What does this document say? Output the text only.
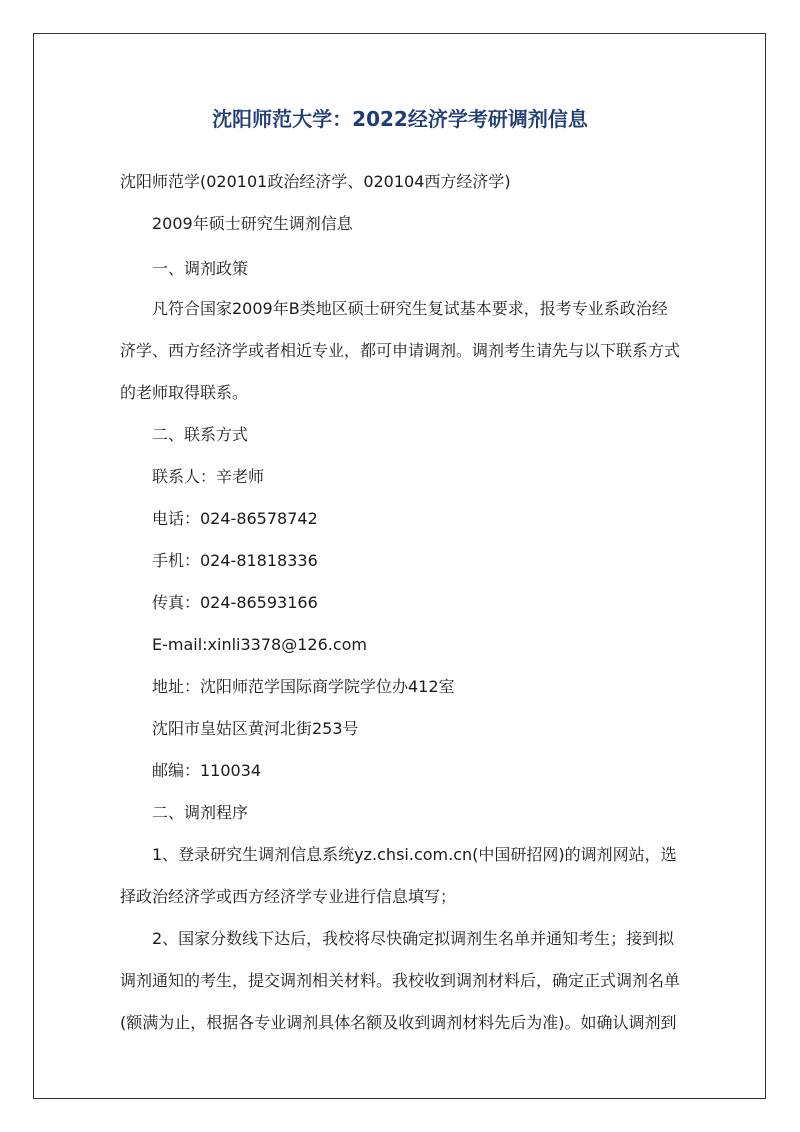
沈阳师范大学：2022经济学考研调剂信息
沈阳师范学(020101政治经济学、020104西方经济学)
2009年硕士研究生调剂信息
一、调剂政策
凡符合国家2009年B类地区硕士研究生复试基本要求，报考专业系政治经
济学、西方经济学或者相近专业，都可申请调剂。调剂考生请先与以下联系方式
的老师取得联系。
二、联系方式
联系人：辛老师
电话：024-86578742
手机：024-81818336
传真：024-86593166
E-mail:xinli3378@126.com
地址：沈阳师范学国际商学院学位办412室
沈阳市皇姑区黄河北街253号
邮编：110034
二、调剂程序
1、登录研究生调剂信息系统yz.chsi.com.cn(中国研招网)的调剂网站，选
择政治经济学或西方经济学专业进行信息填写；
2、国家分数线下达后，我校将尽快确定拟调剂生名单并通知考生；接到拟
调剂通知的考生，提交调剂相关材料。我校收到调剂材料后，确定正式调剂名单
(额满为止，根据各专业调剂具体名额及收到调剂材料先后为准)。如确认调剂到
